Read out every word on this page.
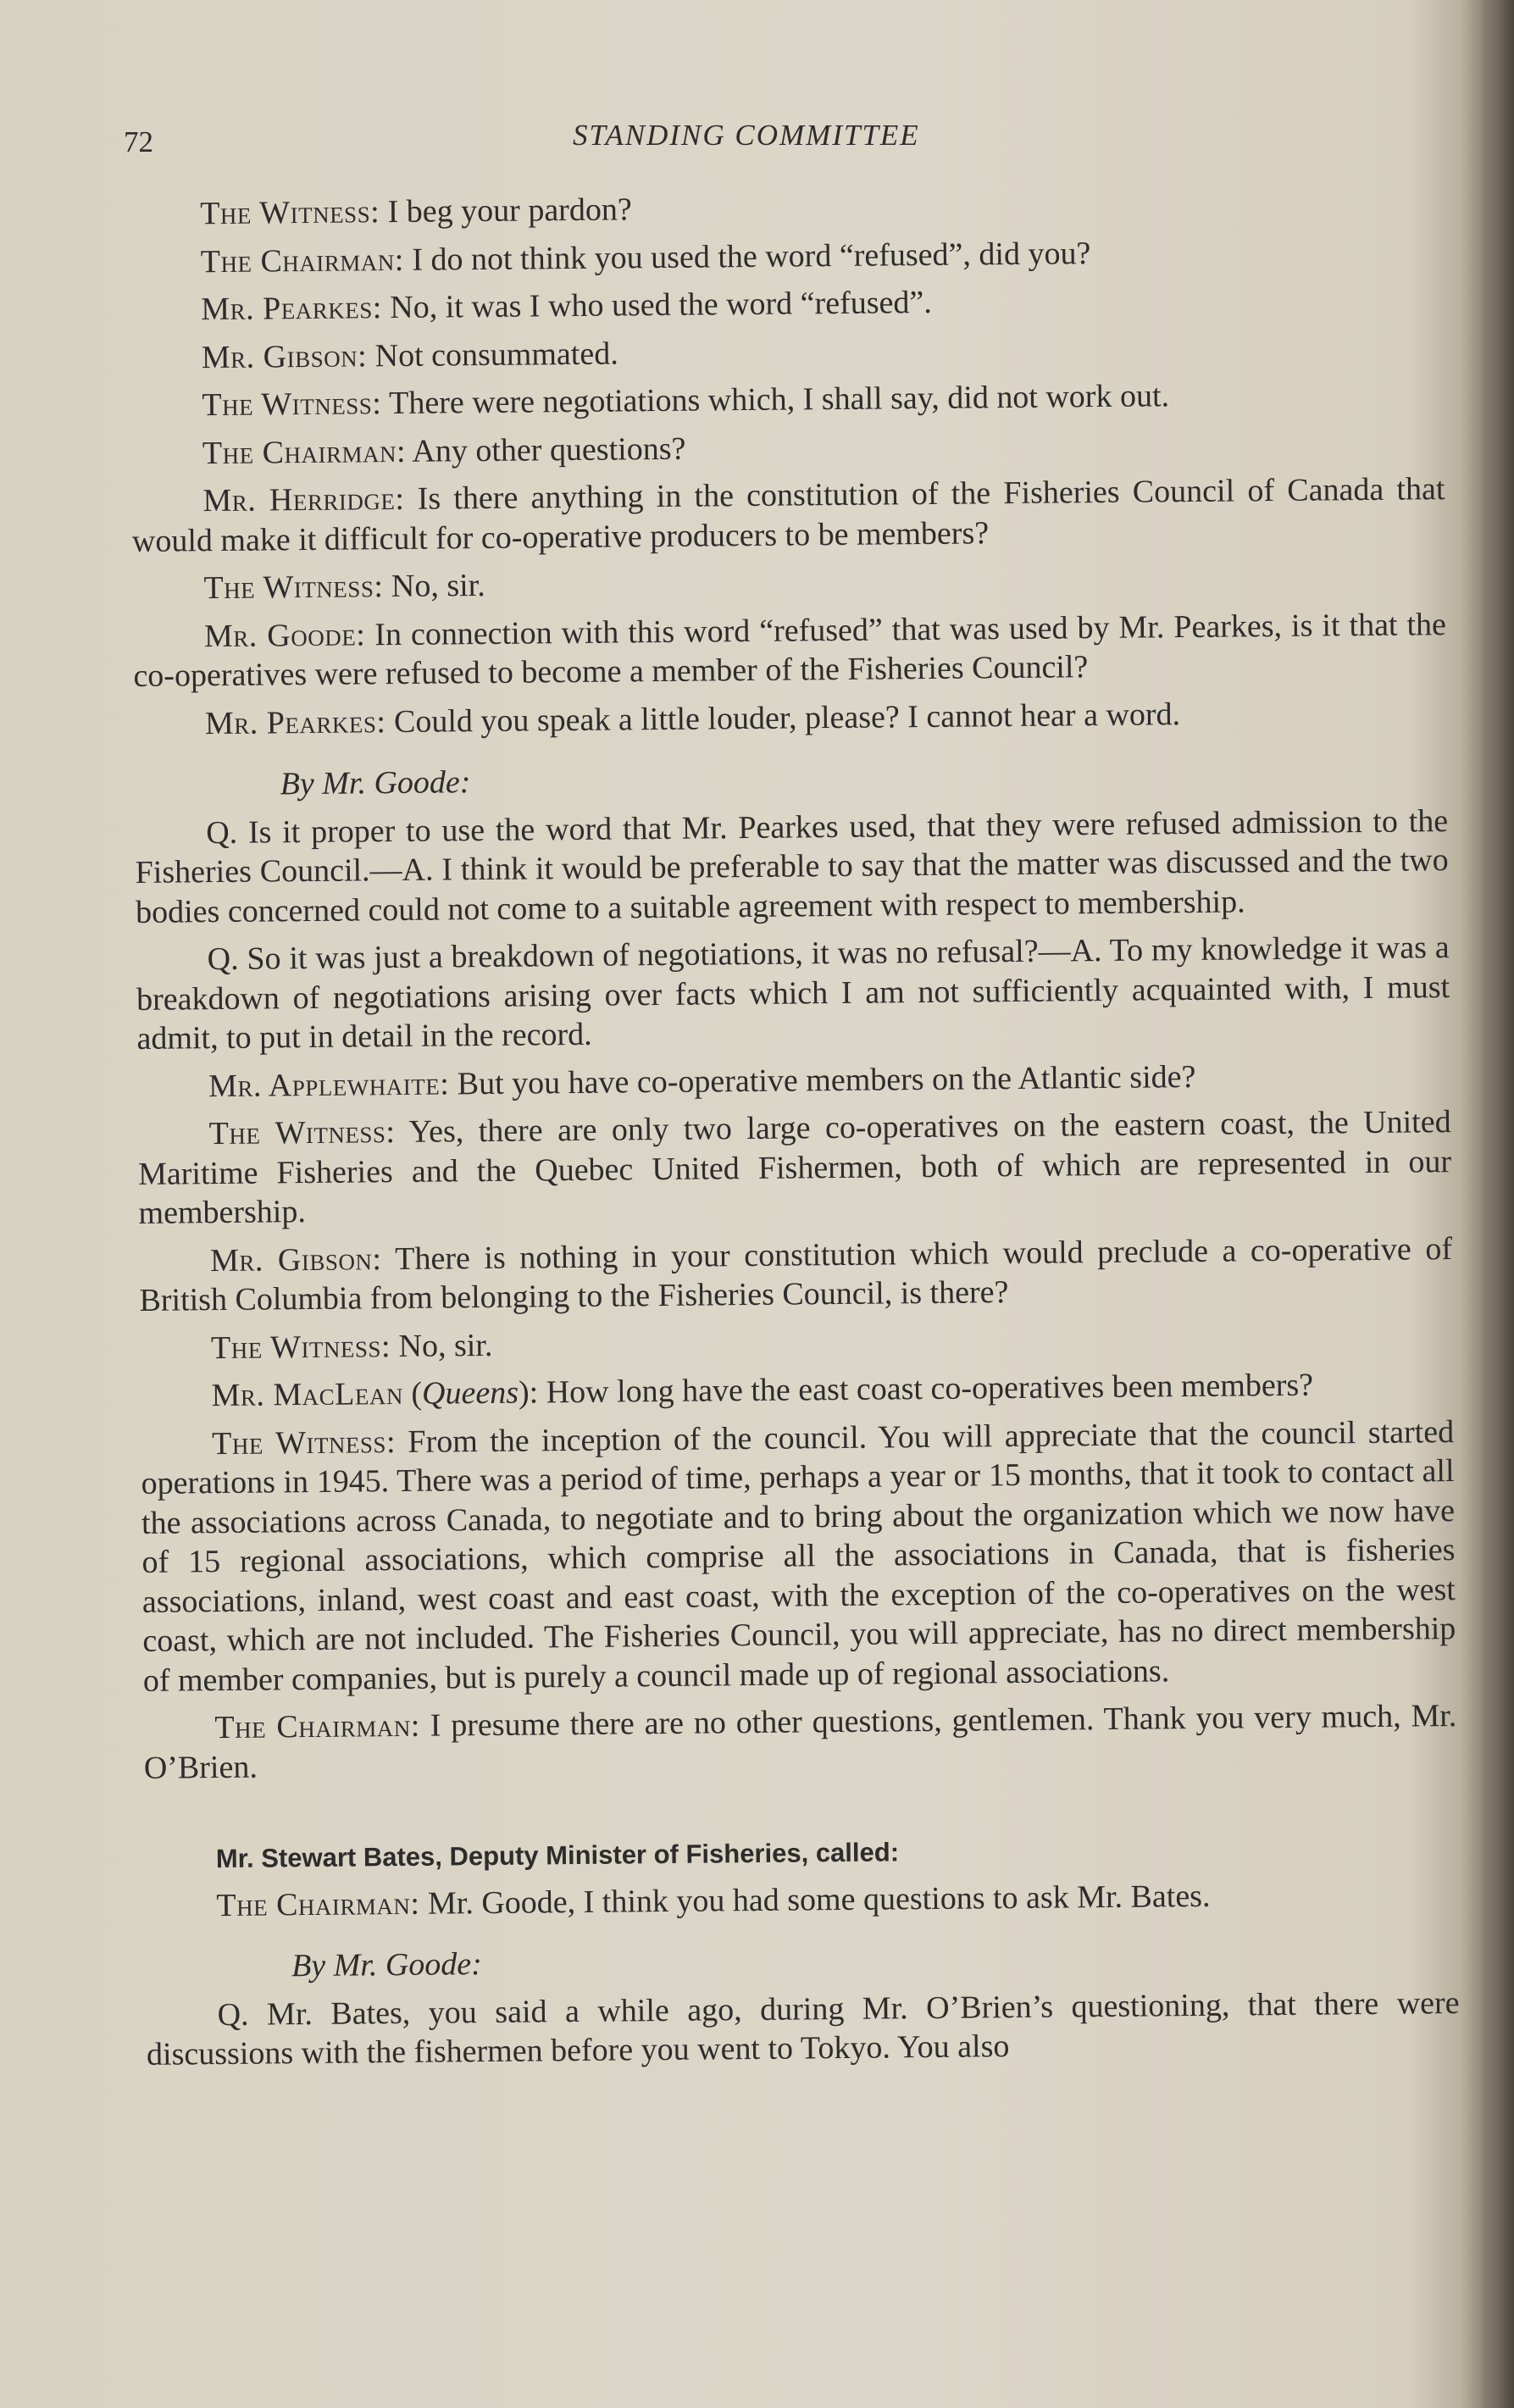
72	STANDING COMMITTEE

The Witness: I beg your pardon?

The Chairman: I do not think you used the word “refused”, did you?

Mr. Pearkes: No, it was I who used the word “refused”.

Mr. Gibson: Not consummated.

The Witness: There were negotiations which, I shall say, did not work out.

The Chairman: Any other questions?

Mr. Herridge: Is there anything in the constitution of the Fisheries Council of Canada that would make it difficult for co-operative producers to be members?

The Witness: No, sir.

Mr. Goode: In connection with this word “refused” that was used by Mr. Pearkes, is it that the co-operatives were refused to become a member of the Fisheries Council?

Mr. Pearkes: Could you speak a little louder, please? I cannot hear a word.

By Mr. Goode:

Q. Is it proper to use the word that Mr. Pearkes used, that they were refused admission to the Fisheries Council.—A. I think it would be preferable to say that the matter was discussed and the two bodies concerned could not come to a suitable agreement with respect to membership.

Q. So it was just a breakdown of negotiations, it was no refusal?—A. To my knowledge it was a breakdown of negotiations arising over facts which I am not sufficiently acquainted with, I must admit, to put in detail in the record.

Mr. Applewhaite: But you have co-operative members on the Atlantic side?

The Witness: Yes, there are only two large co-operatives on the eastern coast, the United Maritime Fisheries and the Quebec United Fishermen, both of which are represented in our membership.

Mr. Gibson: There is nothing in your constitution which would preclude a co-operative of British Columbia from belonging to the Fisheries Council, is there?

The Witness: No, sir.

Mr. MacLean (Queens): How long have the east coast co-operatives been members?

The Witness: From the inception of the council. You will appreciate that the council started operations in 1945. There was a period of time, perhaps a year or 15 months, that it took to contact all the associations across Canada, to negotiate and to bring about the organization which we now have of 15 regional associations, which comprise all the associations in Canada, that is fisheries associations, inland, west coast and east coast, with the exception of the co-operatives on the west coast, which are not included. The Fisheries Council, you will appreciate, has no direct membership of member companies, but is purely a council made up of regional associations.

The Chairman: I presume there are no other questions, gentlemen. Thank you very much, Mr. O’Brien.

Mr. Stewart Bates, Deputy Minister of Fisheries, called:

The Chairman: Mr. Goode, I think you had some questions to ask Mr. Bates.

By Mr. Goode:

Q. Mr. Bates, you said a while ago, during Mr. O’Brien’s questioning, that there were discussions with the fishermen before you went to Tokyo. You also
